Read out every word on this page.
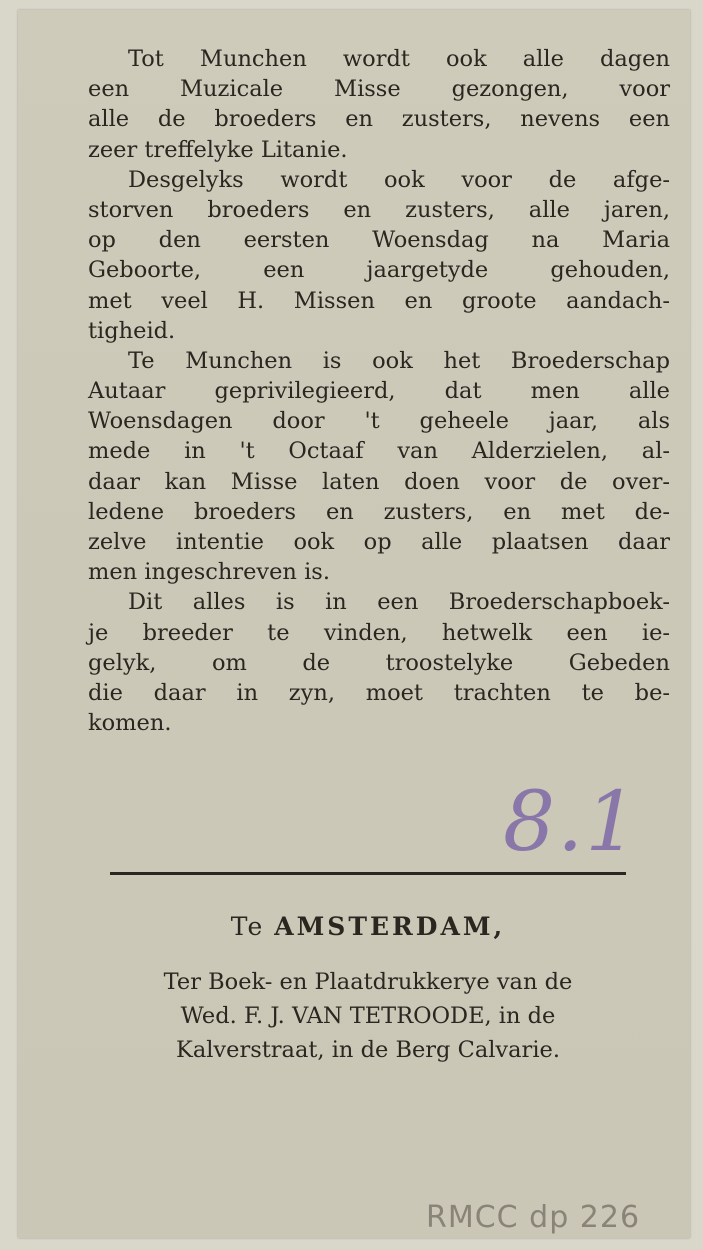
Tot Munchen wordt ook alle dagen
een Muzicale Misse gezongen, voor
alle de broeders en zusters, nevens een
zeer treffelyke Litanie.
Desgelyks wordt ook voor de afge-
storven broeders en zusters, alle jaren,
op den eersten Woensdag na Maria
Geboorte, een jaargetyde gehouden,
met veel H. Missen en groote aandach-
tigheid.
Te Munchen is ook het Broederschap
Autaar geprivilegieerd, dat men alle
Woensdagen door 't geheele jaar, als
mede in 't Octaaf van Alderzielen, al-
daar kan Misse laten doen voor de over-
ledene broeders en zusters, en met de-
zelve intentie ook op alle plaatsen daar
men ingeschreven is.
Dit alles is in een Broederschapboek-
je breeder te vinden, hetwelk een ie-
gelyk, om de troostelyke Gebeden
die daar in zyn, moet trachten te be-
komen.
8.1
Te AMSTERDAM,
Ter Boek- en Plaatdrukkerye van de
Wed. F. J. VAN TETROODE, in de
Kalverstraat, in de Berg Calvarie.
RMCC dp 226
